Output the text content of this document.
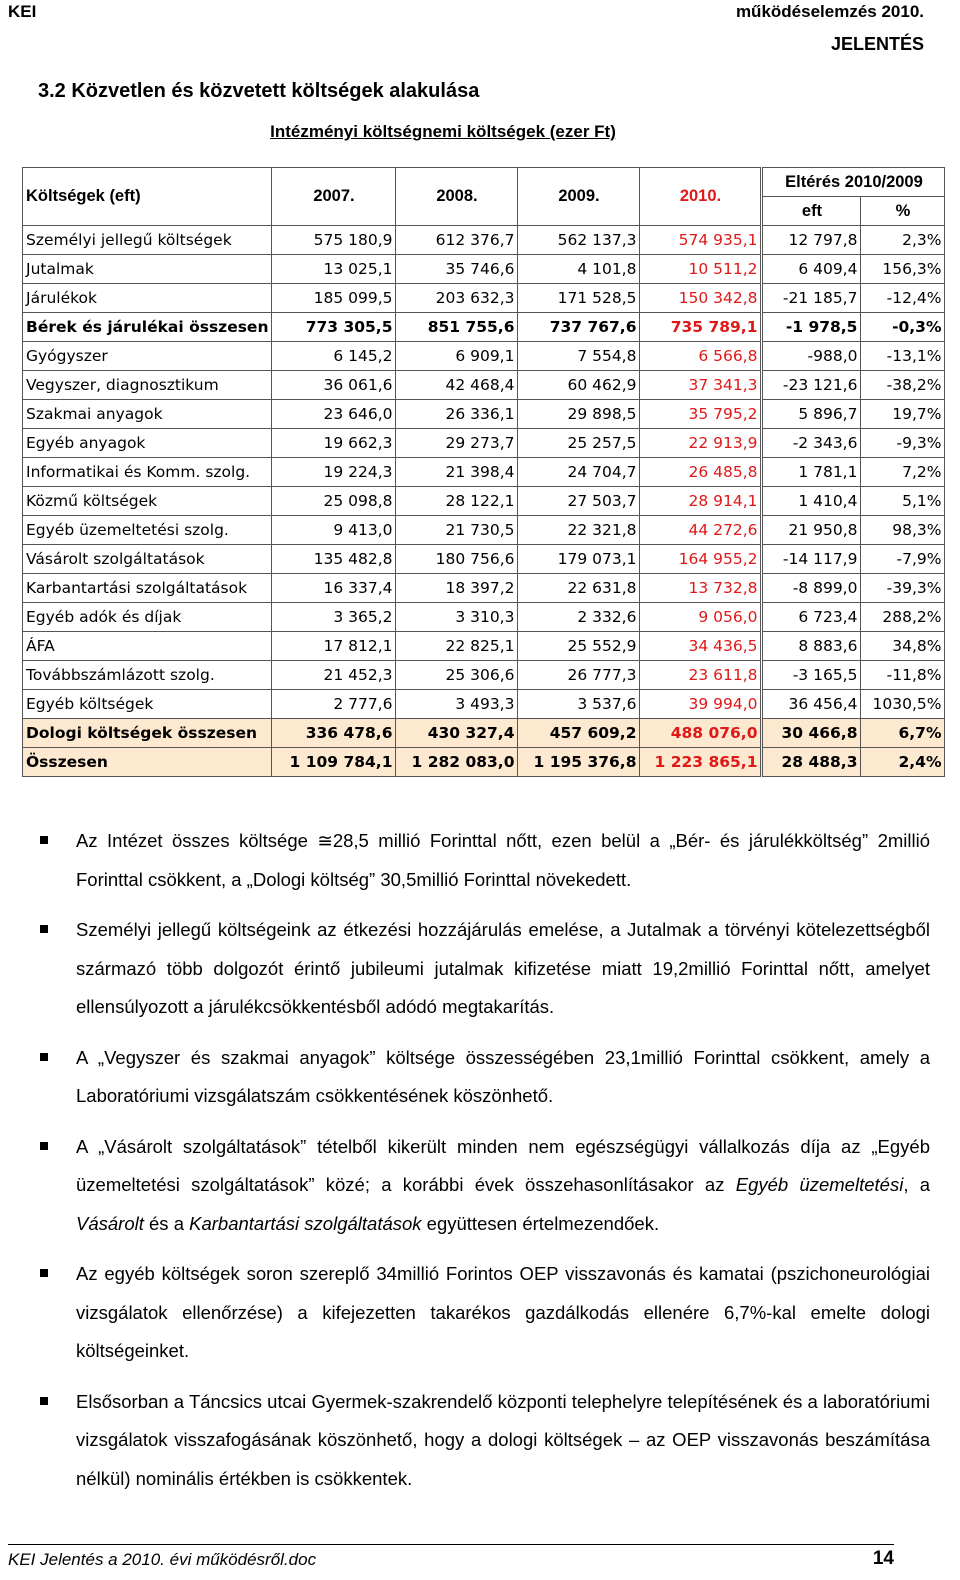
KEI	működéselemzés 2010.
JELENTÉS
3.2 Közvetlen és közvetett költségek alakulása
Intézményi költségnemi költségek (ezer Ft)
Költségek (eft)	2007.	2008.	2009.	2010.	Eltérés 2010/2009	
					eft	%
Személyi jellegű költségek	575 180,9	612 376,7	562 137,3	574 935,1	12 797,8	2,3%
Jutalmak	13 025,1	35 746,6	4 101,8	10 511,2	6 409,4	156,3%
Járulékok	185 099,5	203 632,3	171 528,5	150 342,8	-21 185,7	-12,4%
Bérek és járulékai összesen	773 305,5	851 755,6	737 767,6	735 789,1	-1 978,5	-0,3%
Gyógyszer	6 145,2	6 909,1	7 554,8	6 566,8	-988,0	-13,1%
Vegyszer, diagnosztikum	36 061,6	42 468,4	60 462,9	37 341,3	-23 121,6	-38,2%
Szakmai anyagok	23 646,0	26 336,1	29 898,5	35 795,2	5 896,7	19,7%
Egyéb anyagok	19 662,3	29 273,7	25 257,5	22 913,9	-2 343,6	-9,3%
Informatikai és Komm. szolg.	19 224,3	21 398,4	24 704,7	26 485,8	1 781,1	7,2%
Közmű költségek	25 098,8	28 122,1	27 503,7	28 914,1	1 410,4	5,1%
Egyéb üzemeltetési szolg.	9 413,0	21 730,5	22 321,8	44 272,6	21 950,8	98,3%
Vásárolt szolgáltatások	135 482,8	180 756,6	179 073,1	164 955,2	-14 117,9	-7,9%
Karbantartási szolgáltatások	16 337,4	18 397,2	22 631,8	13 732,8	-8 899,0	-39,3%
Egyéb adók és díjak	3 365,2	3 310,3	2 332,6	9 056,0	6 723,4	288,2%
ÁFA	17 812,1	22 825,1	25 552,9	34 436,5	8 883,6	34,8%
Továbbszámlázott szolg.	21 452,3	25 306,6	26 777,3	23 611,8	-3 165,5	-11,8%
Egyéb költségek	2 777,6	3 493,3	3 537,6	39 994,0	36 456,4	1030,5%
Dologi költségek összesen	336 478,6	430 327,4	457 609,2	488 076,0	30 466,8	6,7%
Összesen	1 109 784,1	1 282 083,0	1 195 376,8	1 223 865,1	28 488,3	2,4%
Az Intézet összes költsége ≅28,5 millió Forinttal nőtt, ezen belül a „Bér- és járulékköltség” 2millió Forinttal csökkent, a „Dologi költség” 30,5millió Forinttal növekedett.
Személyi jellegű költségeink az étkezési hozzájárulás emelése, a Jutalmak a törvényi kötelezettségből származó több dolgozót érintő jubileumi jutalmak kifizetése miatt 19,2millió Forinttal nőtt, amelyet ellensúlyozott a járulékcsökkentésből adódó megtakarítás.
A „Vegyszer és szakmai anyagok” költsége összességében 23,1millió Forinttal csökkent, amely a Laboratóriumi vizsgálatszám csökkentésének köszönhető.
A „Vásárolt szolgáltatások” tételből kikerült minden nem egészségügyi vállalkozás díja az „Egyéb üzemeltetési szolgáltatások” közé; a korábbi évek összehasonlításakor az Egyéb üzemeltetési, a Vásárolt és a Karbantartási szolgáltatások együttesen értelmezendőek.
Az egyéb költségek soron szereplő 34millió Forintos OEP visszavonás és kamatai (pszichoneurológiai vizsgálatok ellenőrzése) a kifejezetten takarékos gazdálkodás ellenére 6,7%-kal emelte dologi költségeinket.
Elsősorban a Táncsics utcai Gyermek-szakrendelő központi telephelyre telepítésének és a laboratóriumi vizsgálatok visszafogásának köszönhető, hogy a dologi költségek – az OEP visszavonás beszámítása nélkül) nominális értékben is csökkentek.
KEI Jelentés a 2010. évi működésről.doc	14
